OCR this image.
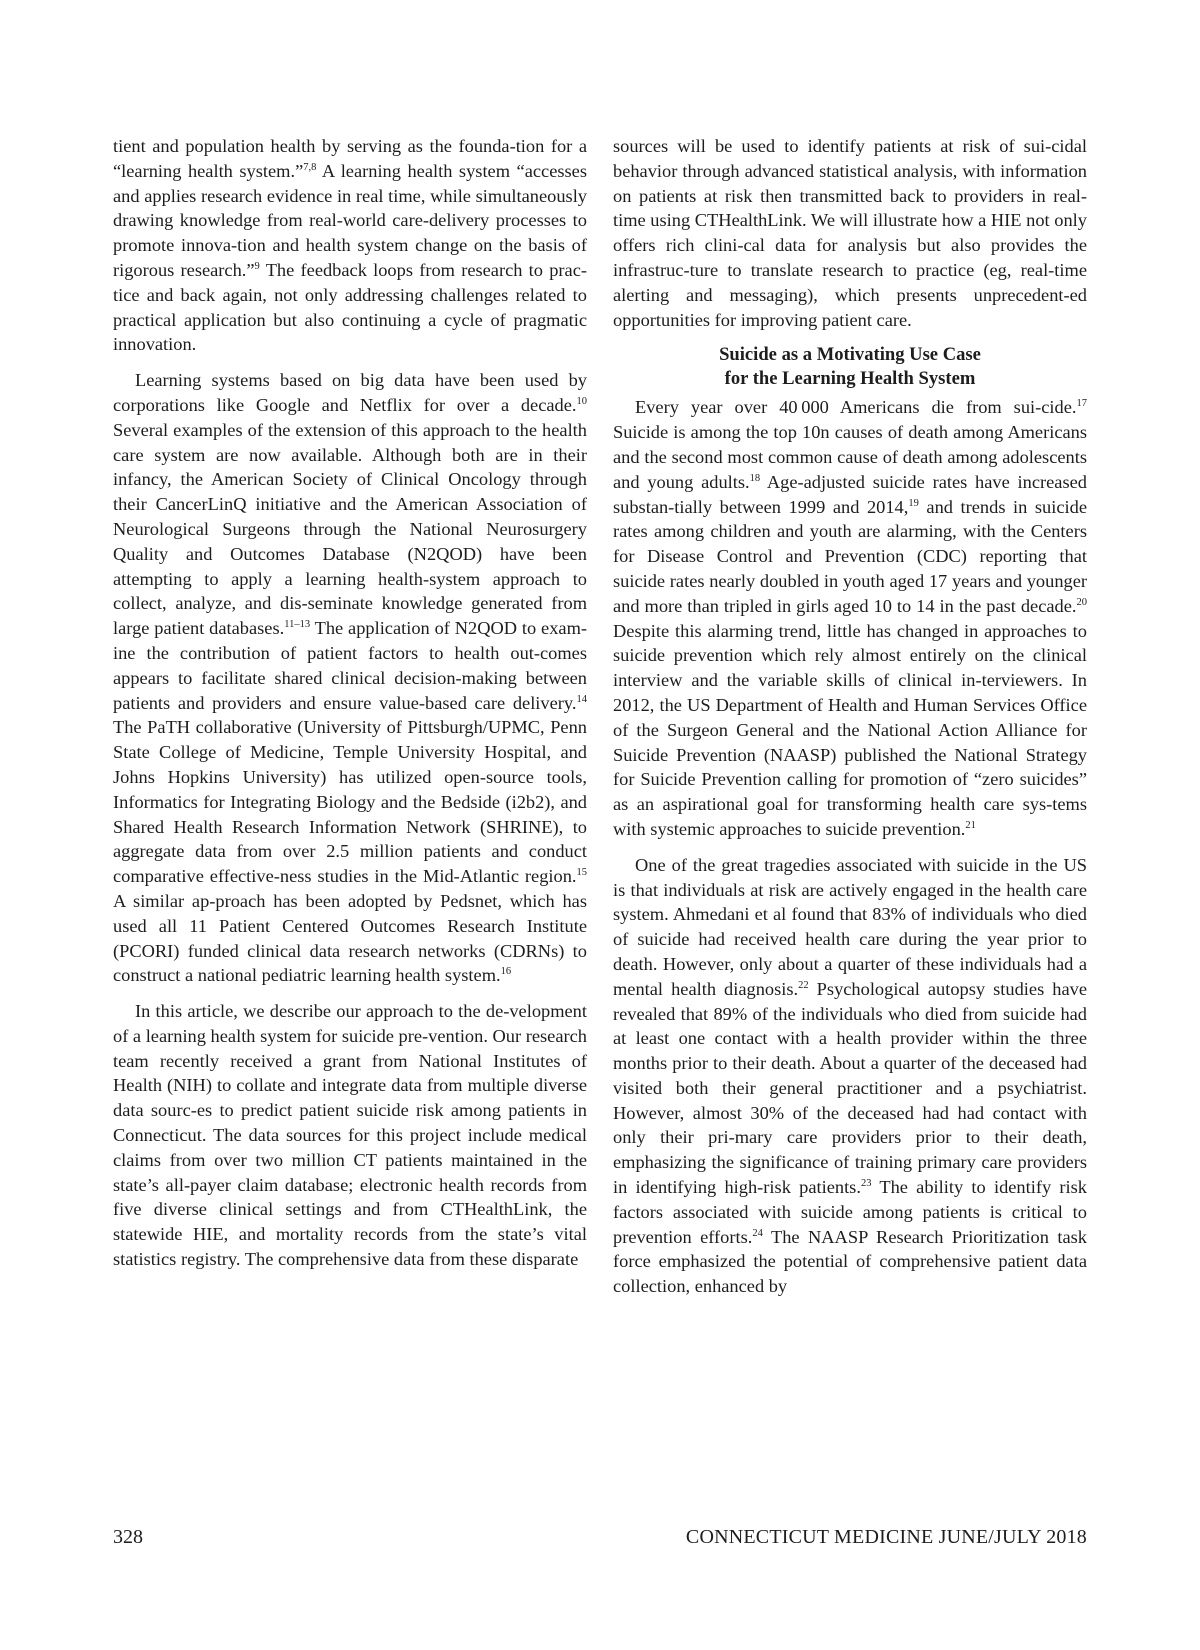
tient and population health by serving as the founda-tion for a “learning health system.”$^{7,8}$ A learning health system “accesses and applies research evidence in real time, while simultaneously drawing knowledge from real-world care-delivery processes to promote innova-tion and health system change on the basis of rigorous research.”$^9$ The feedback loops from research to prac-tice and back again, not only addressing challenges related to practical application but also continuing a cycle of pragmatic innovation.

Learning systems based on big data have been used by corporations like Google and Netflix for over a decade.$^{10}$ Several examples of the extension of this approach to the health care system are now available. Although both are in their infancy, the American Society of Clinical Oncology through their CancerLinQ initiative and the American Association of Neurological Surgeons through the National Neurosurgery Quality and Outcomes Database (N2QOD) have been attempting to apply a learning health-system approach to collect, analyze, and dis-seminate knowledge generated from large patient databases.$^{11-13}$ The application of N2QOD to exam-ine the contribution of patient factors to health out-comes appears to facilitate shared clinical decision-making between patients and providers and ensure value-based care delivery.$^{14}$ The PaTH collaborative (University of Pittsburgh/UPMC, Penn State College of Medicine, Temple University Hospital, and Johns Hopkins University) has utilized open-source tools, Informatics for Integrating Biology and the Bedside (i2b2), and Shared Health Research Information Network (SHRINE), to aggregate data from over 2.5 million patients and conduct comparative effective-ness studies in the Mid-Atlantic region.$^{15}$ A similar ap-proach has been adopted by Pedsnet, which has used all 11 Patient Centered Outcomes Research Institute (PCORI) funded clinical data research networks (CDRNs) to construct a national pediatric learning health system.$^{16}$

In this article, we describe our approach to the de-velopment of a learning health system for suicide pre-vention. Our research team recently received a grant from National Institutes of Health (NIH) to collate and integrate data from multiple diverse data sourc-es to predict patient suicide risk among patients in Connecticut. The data sources for this project include medical claims from over two million CT patients maintained in the state’s all-payer claim database; electronic health records from five diverse clinical settings and from CTHealthLink, the statewide HIE, and mortality records from the state’s vital statistics registry. The comprehensive data from these disparate

sources will be used to identify patients at risk of sui-cidal behavior through advanced statistical analysis, with information on patients at risk then transmitted back to providers in real-time using CTHealthLink. We will illustrate how a HIE not only offers rich clini-cal data for analysis but also provides the infrastruc-ture to translate research to practice (eg, real-time alerting and messaging), which presents unprecedent-ed opportunities for improving patient care.

Suicide as a Motivating Use Case
for the Learning Health System

Every year over 40 000 Americans die from sui-cide.$^{17}$ Suicide is among the top 10n causes of death among Americans and the second most common cause of death among adolescents and young adults.$^{18}$ Age-adjusted suicide rates have increased substan-tially between 1999 and 2014,19 and trends in suicide rates among children and youth are alarming, with the Centers for Disease Control and Prevention (CDC) reporting that suicide rates nearly doubled in youth aged 17 years and younger and more than tripled in girls aged 10 to 14 in the past decade.$^{20}$ Despite this alarming trend, little has changed in approaches to suicide prevention which rely almost entirely on the clinical interview and the variable skills of clinical in-terviewers. In 2012, the US Department of Health and Human Services Office of the Surgeon General and the National Action Alliance for Suicide Prevention (NAASP) published the National Strategy for Suicide Prevention calling for promotion of “zero suicides” as an aspirational goal for transforming health care sys-tems with systemic approaches to suicide prevention.$^{21}$

One of the great tragedies associated with suicide in the US is that individuals at risk are actively engaged in the health care system. Ahmedani et al found that 83% of individuals who died of suicide had received health care during the year prior to death. However, only about a quarter of these individuals had a mental health diagnosis.$^{22}$ Psychological autopsy studies have revealed that 89% of the individuals who died from suicide had at least one contact with a health provider within the three months prior to their death. About a quarter of the deceased had visited both their general practitioner and a psychiatrist. However, almost 30% of the deceased had had contact with only their pri-mary care providers prior to their death, emphasizing the significance of training primary care providers in identifying high-risk patients.$^{23}$ The ability to identify risk factors associated with suicide among patients is critical to prevention efforts.$^{24}$ The NAASP Research Prioritization task force emphasized the potential of comprehensive patient data collection, enhanced by

328	CONNECTICUT MEDICINE JUNE/JULY 2018
